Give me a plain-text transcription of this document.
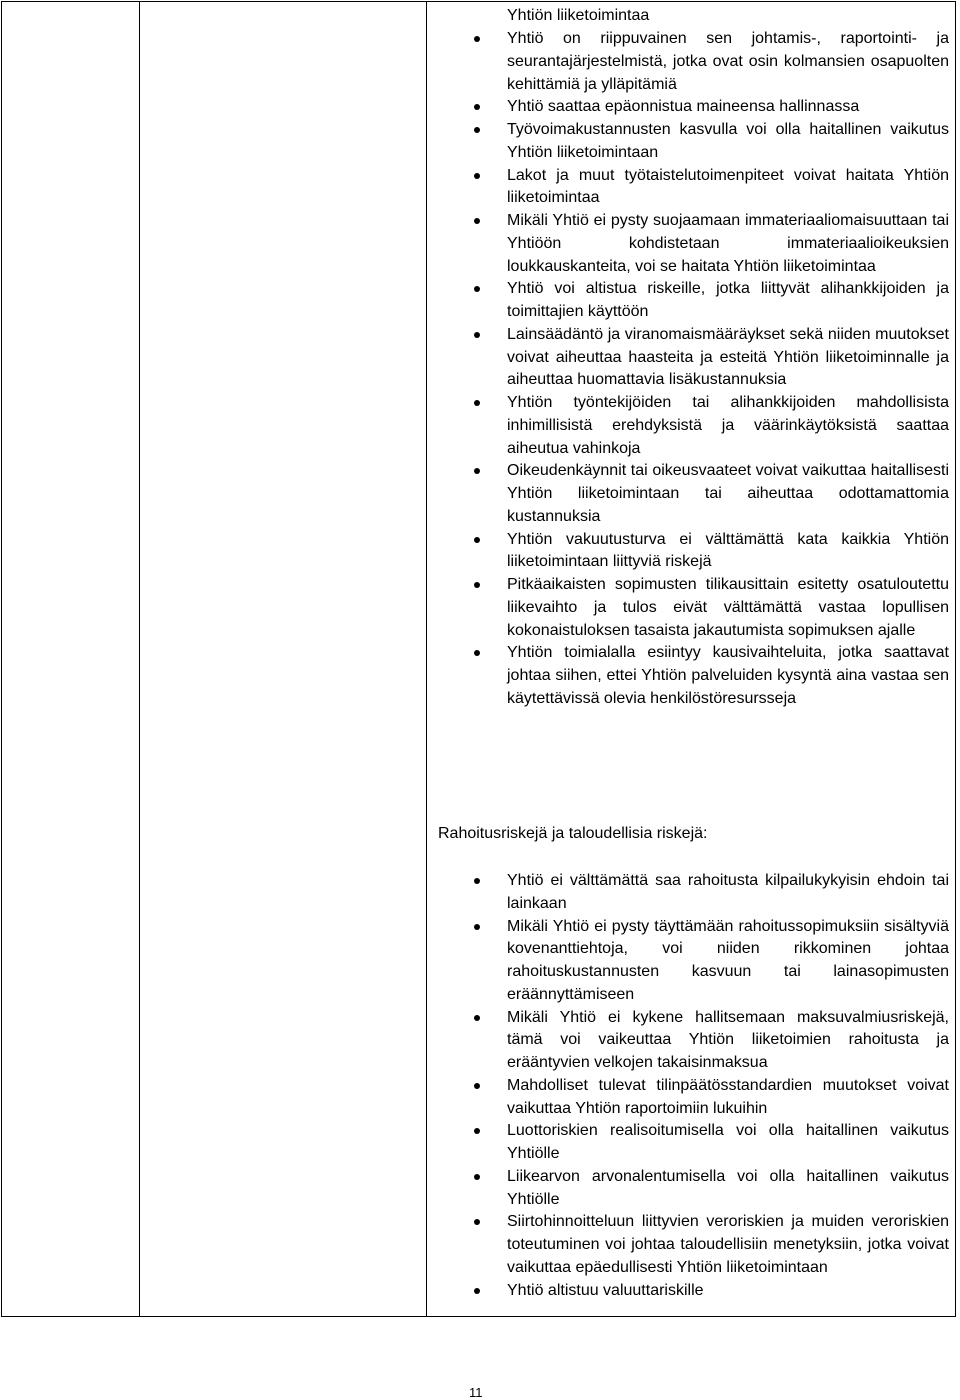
Yhtiön liiketoimintaa
Yhtiö on riippuvainen sen johtamis-, raportointi- ja seurantajärjestelmistä, jotka ovat osin kolmansien osapuolten kehittämiä ja ylläpitämiä
Yhtiö saattaa epäonnistua maineensa hallinnassa
Työvoimakustannusten kasvulla voi olla haitallinen vaikutus Yhtiön liiketoimintaan
Lakot ja muut työtaistelutoimenpiteet voivat haitata Yhtiön liiketoimintaa
Mikäli Yhtiö ei pysty suojaamaan immateriaaliomaisuuttaan tai Yhtiöön kohdistetaan immateriaalioikeuksien loukkauskanteita, voi se haitata Yhtiön liiketoimintaa
Yhtiö voi altistua riskeille, jotka liittyvät alihankkijoiden ja toimittajien käyttöön
Lainsäädäntö ja viranomaismääräykset sekä niiden muutokset voivat aiheuttaa haasteita ja esteitä Yhtiön liiketoiminnalle ja aiheuttaa huomattavia lisäkustannuksia
Yhtiön työntekijöiden tai alihankkijoiden mahdollisista inhimillisistä erehdyksistä ja väärinkäytöksistä saattaa aiheutua vahinkoja
Oikeudenkäynnit tai oikeusvaateet voivat vaikuttaa haitallisesti Yhtiön liiketoimintaan tai aiheuttaa odottamattomia kustannuksia
Yhtiön vakuutusturva ei välttämättä kata kaikkia Yhtiön liiketoimintaan liittyviä riskejä
Pitkäaikaisten sopimusten tilikausittain esitetty osatuloutettu liikevaihto ja tulos eivät välttämättä vastaa lopullisen kokonaistuloksen tasaista jakautumista sopimuksen ajalle
Yhtiön toimialalla esiintyy kausivaihteluita, jotka saattavat johtaa siihen, ettei Yhtiön palveluiden kysyntä aina vastaa sen käytettävissä olevia henkilöstöresursseja
Rahoitusriskejä ja taloudellisia riskejä:
Yhtiö ei välttämättä saa rahoitusta kilpailukykyisin ehdoin tai lainkaan
Mikäli Yhtiö ei pysty täyttämään rahoitussopimuksiin sisältyviä kovenanttiehtoja, voi niiden rikkominen johtaa rahoituskustannusten kasvuun tai lainasopimusten eräännyttämiseen
Mikäli Yhtiö ei kykene hallitsemaan maksuvalmiusriskejä, tämä voi vaikeuttaa Yhtiön liiketoimien rahoitusta ja erääntyvien velkojen takaisinmaksua
Mahdolliset tulevat tilinpäätösstandardien muutokset voivat vaikuttaa Yhtiön raportoimiin lukuihin
Luottoriskien realisoitumisella voi olla haitallinen vaikutus Yhtiölle
Liikearvon arvonalentumisella voi olla haitallinen vaikutus Yhtiölle
Siirtohinnoitteluun liittyvien veroriskien ja muiden veroriskien toteutuminen voi johtaa taloudellisiin menetyksiin, jotka voivat vaikuttaa epäedullisesti Yhtiön liiketoimintaan
Yhtiö altistuu valuuttariskille
11
